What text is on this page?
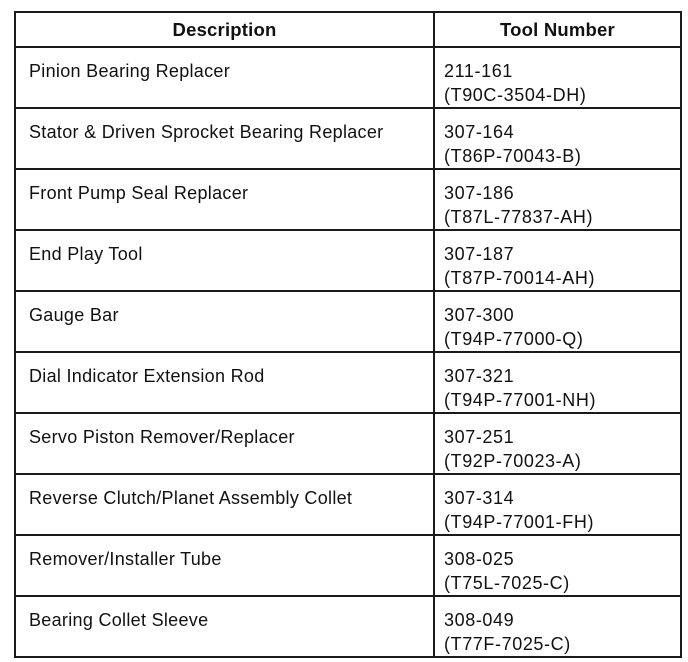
Description	Tool Number
Pinion Bearing Replacer	211-161
(T90C-3504-DH)

Stator & Driven Sprocket Bearing Replacer	307-164
(T86P-70043-B)

Front Pump Seal Replacer	307-186
(T87L-77837-AH)

End Play Tool	307-187
(T87P-70014-AH)

Gauge Bar	307-300
(T94P-77000-Q)

Dial Indicator Extension Rod	307-321
(T94P-77001-NH)

Servo Piston Remover/Replacer	307-251
(T92P-70023-A)

Reverse Clutch/Planet Assembly Collet	307-314
(T94P-77001-FH)

Remover/Installer Tube	308-025
(T75L-7025-C)

Bearing Collet Sleeve	308-049
(T77F-7025-C)
